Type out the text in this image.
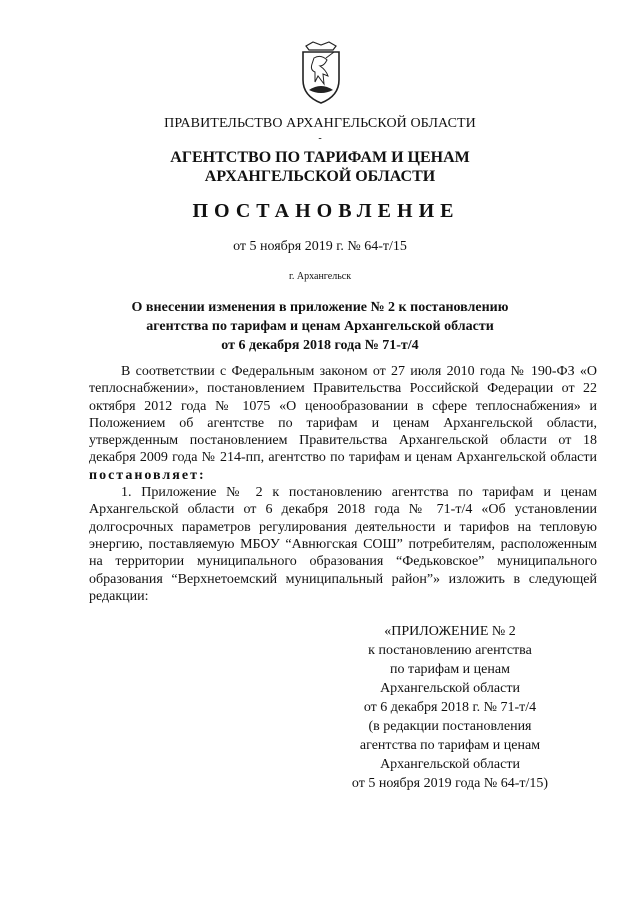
ПРАВИТЕЛЬСТВО АРХАНГЕЛЬСКОЙ ОБЛАСТИ
-
АГЕНТСТВО ПО ТАРИФАМ И ЦЕНАМ
АРХАНГЕЛЬСКОЙ ОБЛАСТИ
ПОСТАНОВЛЕНИЕ
от 5 ноября 2019 г. № 64-т/15
г. Архангельск
О внесении изменения в приложение № 2 к постановлению
агентства по тарифам и ценам Архангельской области
от 6 декабря 2018 года № 71-т/4

В соответствии с Федеральным законом от 27 июля 2010 года № 190-ФЗ «О теплоснабжении», постановлением Правительства Российской Федерации от 22 октября 2012 года № 1075 «О ценообразовании в сфере теплоснабжения» и Положением об агентстве по тарифам и ценам Архангельской области, утвержденным постановлением Правительства Архангельской области от 18 декабря 2009 года № 214-пп, агентство по тарифам и ценам Архангельской области постановляет:

1. Приложение № 2 к постановлению агентства по тарифам и ценам Архангельской области от 6 декабря 2018 года № 71-т/4 «Об установлении долгосрочных параметров регулирования деятельности и тарифов на тепловую энергию, поставляемую МБОУ “Авнюгская СОШ” потребителям, расположенным на территории муниципального образования “Федьковское” муниципального образования “Верхнетоемский муниципальный район”» изложить в следующей редакции:

«ПРИЛОЖЕНИЕ № 2
к постановлению агентства
по тарифам и ценам
Архангельской области
от 6 декабря 2018 г. № 71-т/4
(в редакции постановления
агентства по тарифам и ценам
Архангельской области
от 5 ноября 2019 года № 64-т/15)
